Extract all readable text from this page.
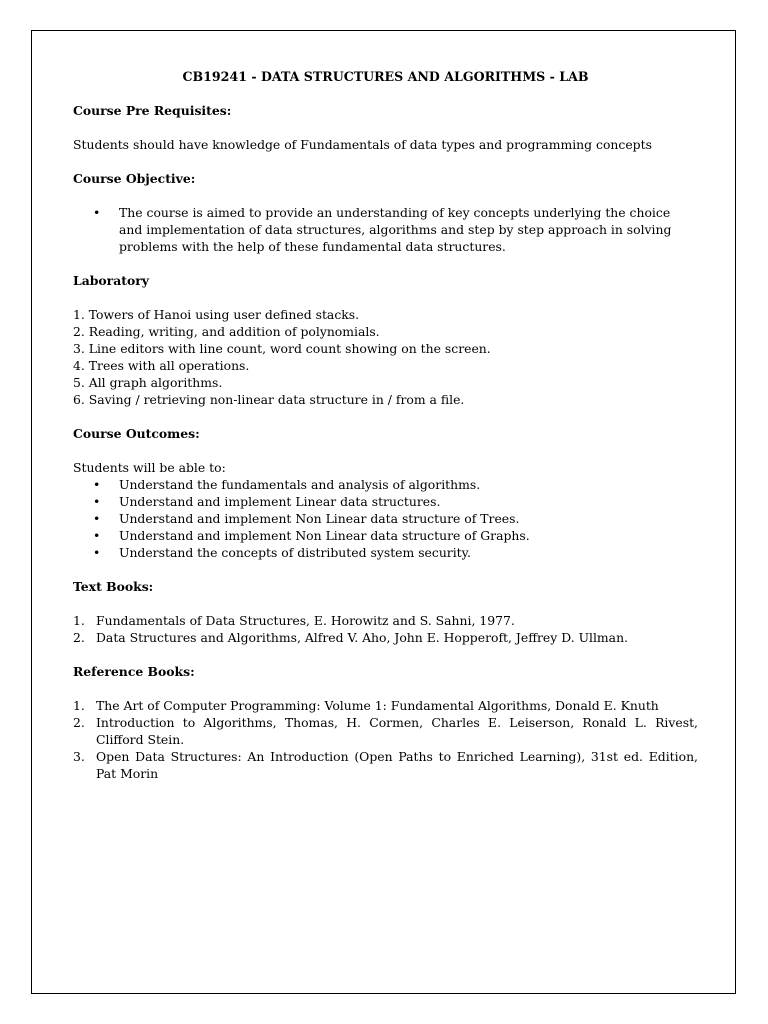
CB19241 - DATA STRUCTURES AND ALGORITHMS - LAB
Course Pre Requisites:
Students should have knowledge of Fundamentals of data types and programming concepts
Course Objective:
• The course is aimed to provide an understanding of key concepts underlying the choice
and implementation of data structures, algorithms and step by step approach in solving
problems with the help of these fundamental data structures.
Laboratory
1. Towers of Hanoi using user defined stacks.
2. Reading, writing, and addition of polynomials.
3. Line editors with line count, word count showing on the screen.
4. Trees with all operations.
5. All graph algorithms.
6. Saving / retrieving non-linear data structure in / from a file.
Course Outcomes:
Students will be able to:
• Understand the fundamentals and analysis of algorithms.
• Understand and implement Linear data structures.
• Understand and implement Non Linear data structure of Trees.
• Understand and implement Non Linear data structure of Graphs.
• Understand the concepts of distributed system security.
Text Books:
1. Fundamentals of Data Structures, E. Horowitz and S. Sahni, 1977.
2. Data Structures and Algorithms, Alfred V. Aho, John E. Hopperoft, Jeffrey D. Ullman.
Reference Books:
1. The Art of Computer Programming: Volume 1: Fundamental Algorithms, Donald E. Knuth
2. Introduction to Algorithms, Thomas, H. Cormen, Charles E. Leiserson, Ronald L. Rivest,
Clifford Stein.
3. Open Data Structures: An Introduction (Open Paths to Enriched Learning), 31st ed. Edition,
Pat Morin
